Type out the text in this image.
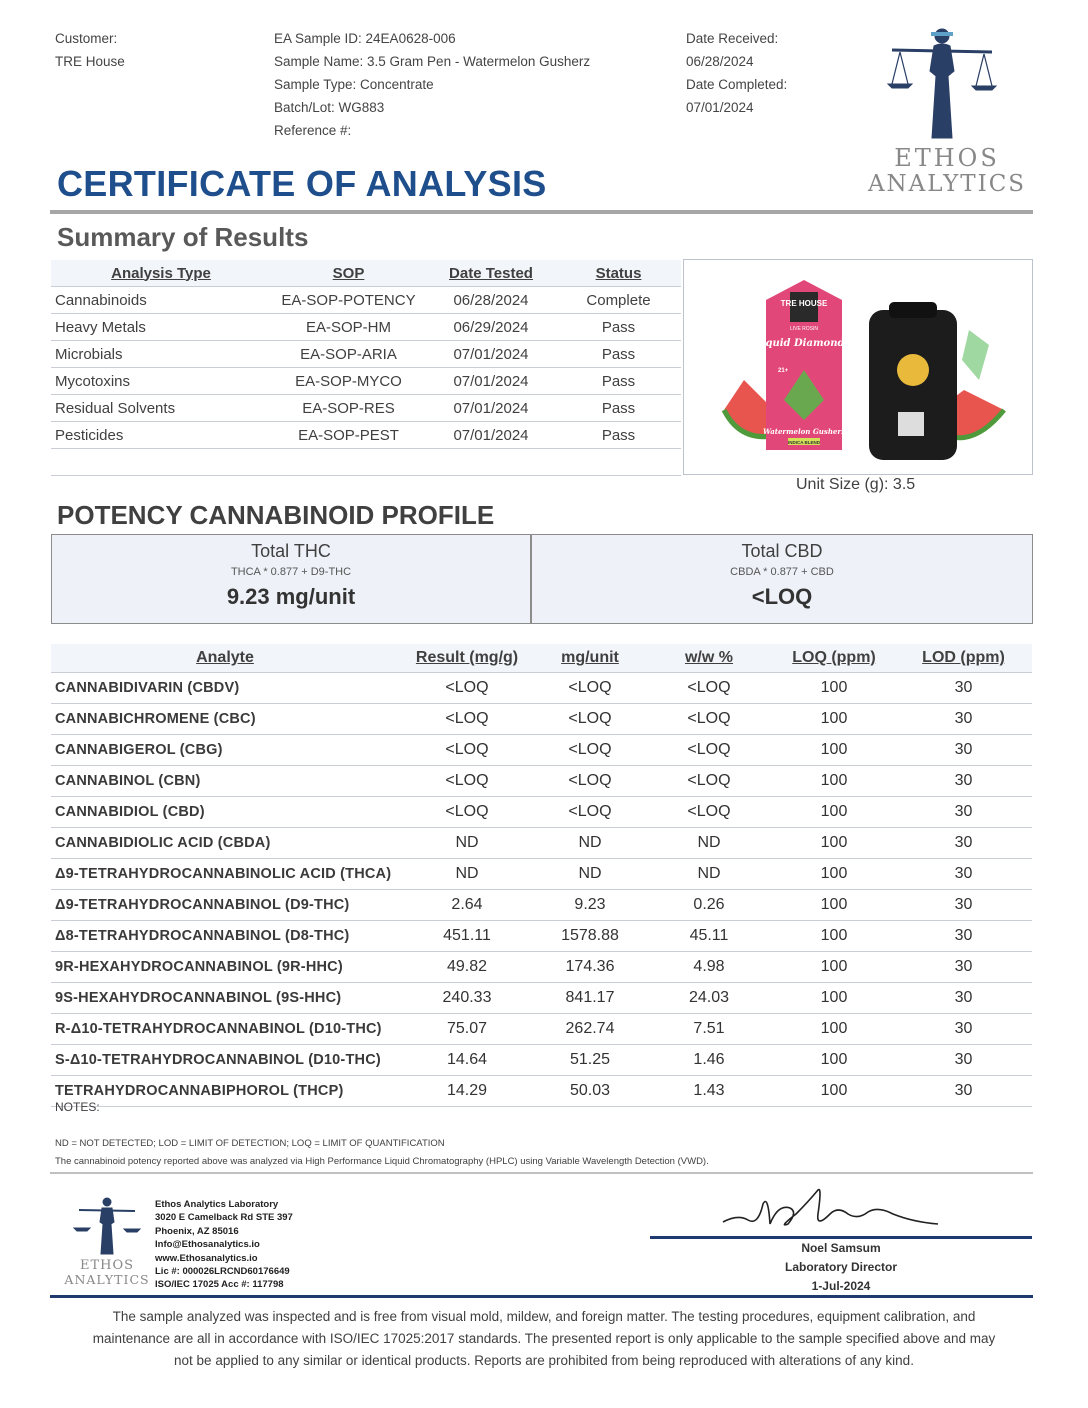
Customer:
TRE House
EA Sample ID: 24EA0628-006
Sample Name: 3.5 Gram Pen - Watermelon Gusherz
Sample Type: Concentrate
Batch/Lot: WG883
Reference #:
Date Received:
06/28/2024
Date Completed:
07/01/2024
ETHOS
ANALYTICS
CERTIFICATE OF ANALYSIS
Summary of Results
Analysis Type	SOP	Date Tested	Status
Cannabinoids	EA-SOP-POTENCY	06/28/2024	Complete
Heavy Metals	EA-SOP-HM	06/29/2024	Pass
Microbials	EA-SOP-ARIA	07/01/2024	Pass
Mycotoxins	EA-SOP-MYCO	07/01/2024	Pass
Residual Solvents	EA-SOP-RES	07/01/2024	Pass
Pesticides	EA-SOP-PEST	07/01/2024	Pass

TRE HOUSE
LIVE ROSIN
liquid Diamonds
21+
Watermelon Gusherz
INDICA BLEND
Unit Size (g): 3.5
POTENCY CANNABINOID PROFILE
Total THC
THCA * 0.877 + D9-THC
9.23 mg/unit
Total CBD
CBDA * 0.877 + CBD
<LOQ
Analyte	Result (mg/g)	mg/unit	w/w %	LOQ (ppm)	LOD (ppm)
CANNABIDIVARIN (CBDV)	<LOQ	<LOQ	<LOQ	100	30
CANNABICHROMENE (CBC)	<LOQ	<LOQ	<LOQ	100	30
CANNABIGEROL (CBG)	<LOQ	<LOQ	<LOQ	100	30
CANNABINOL (CBN)	<LOQ	<LOQ	<LOQ	100	30
CANNABIDIOL (CBD)	<LOQ	<LOQ	<LOQ	100	30
CANNABIDIOLIC ACID (CBDA)	ND	ND	ND	100	30
Δ9-TETRAHYDROCANNABINOLIC ACID (THCA)	ND	ND	ND	100	30
Δ9-TETRAHYDROCANNABINOL (D9-THC)	2.64	9.23	0.26	100	30
Δ8-TETRAHYDROCANNABINOL (D8-THC)	451.11	1578.88	45.11	100	30
9R-HEXAHYDROCANNABINOL (9R-HHC)	49.82	174.36	4.98	100	30
9S-HEXAHYDROCANNABINOL (9S-HHC)	240.33	841.17	24.03	100	30
R-Δ10-TETRAHYDROCANNABINOL (D10-THC)	75.07	262.74	7.51	100	30
S-Δ10-TETRAHYDROCANNABINOL (D10-THC)	14.64	51.25	1.46	100	30
TETRAHYDROCANNABIPHOROL (THCP)	14.29	50.03	1.43	100	30
NOTES:
ND = NOT DETECTED; LOD = LIMIT OF DETECTION; LOQ = LIMIT OF QUANTIFICATION
The cannabinoid potency reported above was analyzed via High Performance Liquid Chromatography (HPLC) using Variable Wavelength Detection (VWD).
ETHOS
ANALYTICS
Ethos Analytics Laboratory
3020 E Camelback Rd STE 397
Phoenix, AZ 85016
Info@Ethosanalytics.io
www.Ethosanalytics.io
Lic #: 000026LRCND60176649
ISO/IEC 17025 Acc #: 117798
Noel Samsum
Laboratory Director
1-Jul-2024
The sample analyzed was inspected and is free from visual mold, mildew, and foreign matter. The testing procedures, equipment calibration, and
maintenance are all in accordance with ISO/IEC 17025:2017 standards. The presented report is only applicable to the sample specified above and may
not be applied to any similar or identical products. Reports are prohibited from being reproduced with alterations of any kind.
